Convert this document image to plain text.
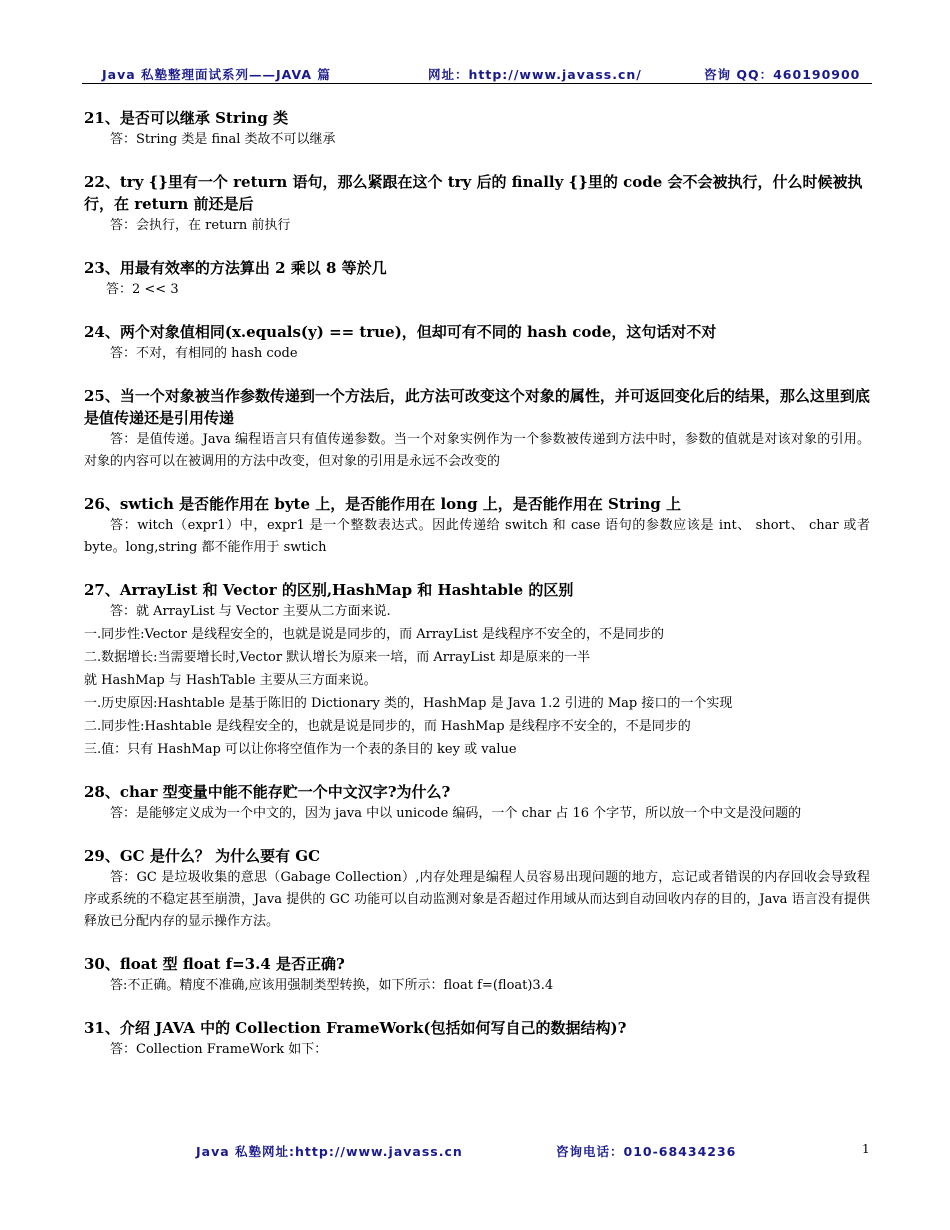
Java 私塾整理面试系列——JAVA 篇	网址：http://www.javass.cn/	咨询 QQ：460190900
21、是否可以继承 String 类
答：String 类是 final 类故不可以继承
22、try {}里有一个 return 语句，那么紧跟在这个 try 后的 finally {}里的 code 会不会被执行，什么时候被执行，在 return 前还是后
答：会执行，在 return 前执行
23、用最有效率的方法算出 2 乘以 8 等於几
答：2 << 3
24、两个对象值相同(x.equals(y) == true)，但却可有不同的 hash code，这句话对不对
答：不对，有相同的 hash code
25、当一个对象被当作参数传递到一个方法后，此方法可改变这个对象的属性，并可返回变化后的结果，那么这里到底是值传递还是引用传递
答：是值传递。Java 编程语言只有值传递参数。当一个对象实例作为一个参数被传递到方法中时，参数的值就是对该对象的引用。对象的内容可以在被调用的方法中改变，但对象的引用是永远不会改变的
26、swtich 是否能作用在 byte 上，是否能作用在 long 上，是否能作用在 String 上
答：witch（expr1）中，expr1 是一个整数表达式。因此传递给 switch 和 case 语句的参数应该是 int、 short、 char 或者 byte。long,string 都不能作用于 swtich
27、ArrayList 和 Vector 的区别,HashMap 和 Hashtable 的区别
答：就 ArrayList 与 Vector 主要从二方面来说.
一.同步性:Vector 是线程安全的，也就是说是同步的，而 ArrayList 是线程序不安全的，不是同步的
二.数据增长:当需要增长时,Vector 默认增长为原来一培，而 ArrayList 却是原来的一半
就 HashMap 与 HashTable 主要从三方面来说。
一.历史原因:Hashtable 是基于陈旧的 Dictionary 类的，HashMap 是 Java 1.2 引进的 Map 接口的一个实现
二.同步性:Hashtable 是线程安全的，也就是说是同步的，而 HashMap 是线程序不安全的，不是同步的
三.值：只有 HashMap 可以让你将空值作为一个表的条目的 key 或 value
28、char 型变量中能不能存贮一个中文汉字?为什么?
答：是能够定义成为一个中文的，因为 java 中以 unicode 编码，一个 char 占 16 个字节，所以放一个中文是没问题的
29、GC 是什么？ 为什么要有 GC
答：GC 是垃圾收集的意思（Gabage Collection）,内存处理是编程人员容易出现问题的地方，忘记或者错误的内存回收会导致程序或系统的不稳定甚至崩溃，Java 提供的 GC 功能可以自动监测对象是否超过作用域从而达到自动回收内存的目的，Java 语言没有提供释放已分配内存的显示操作方法。
30、float 型 float f=3.4 是否正确?
答:不正确。精度不准确,应该用强制类型转换，如下所示：float f=(float)3.4
31、介绍 JAVA 中的 Collection FrameWork(包括如何写自己的数据结构)?
答：Collection FrameWork 如下：
Java 私塾网址:http://www.javass.cn	咨询电话：010-68434236	1
